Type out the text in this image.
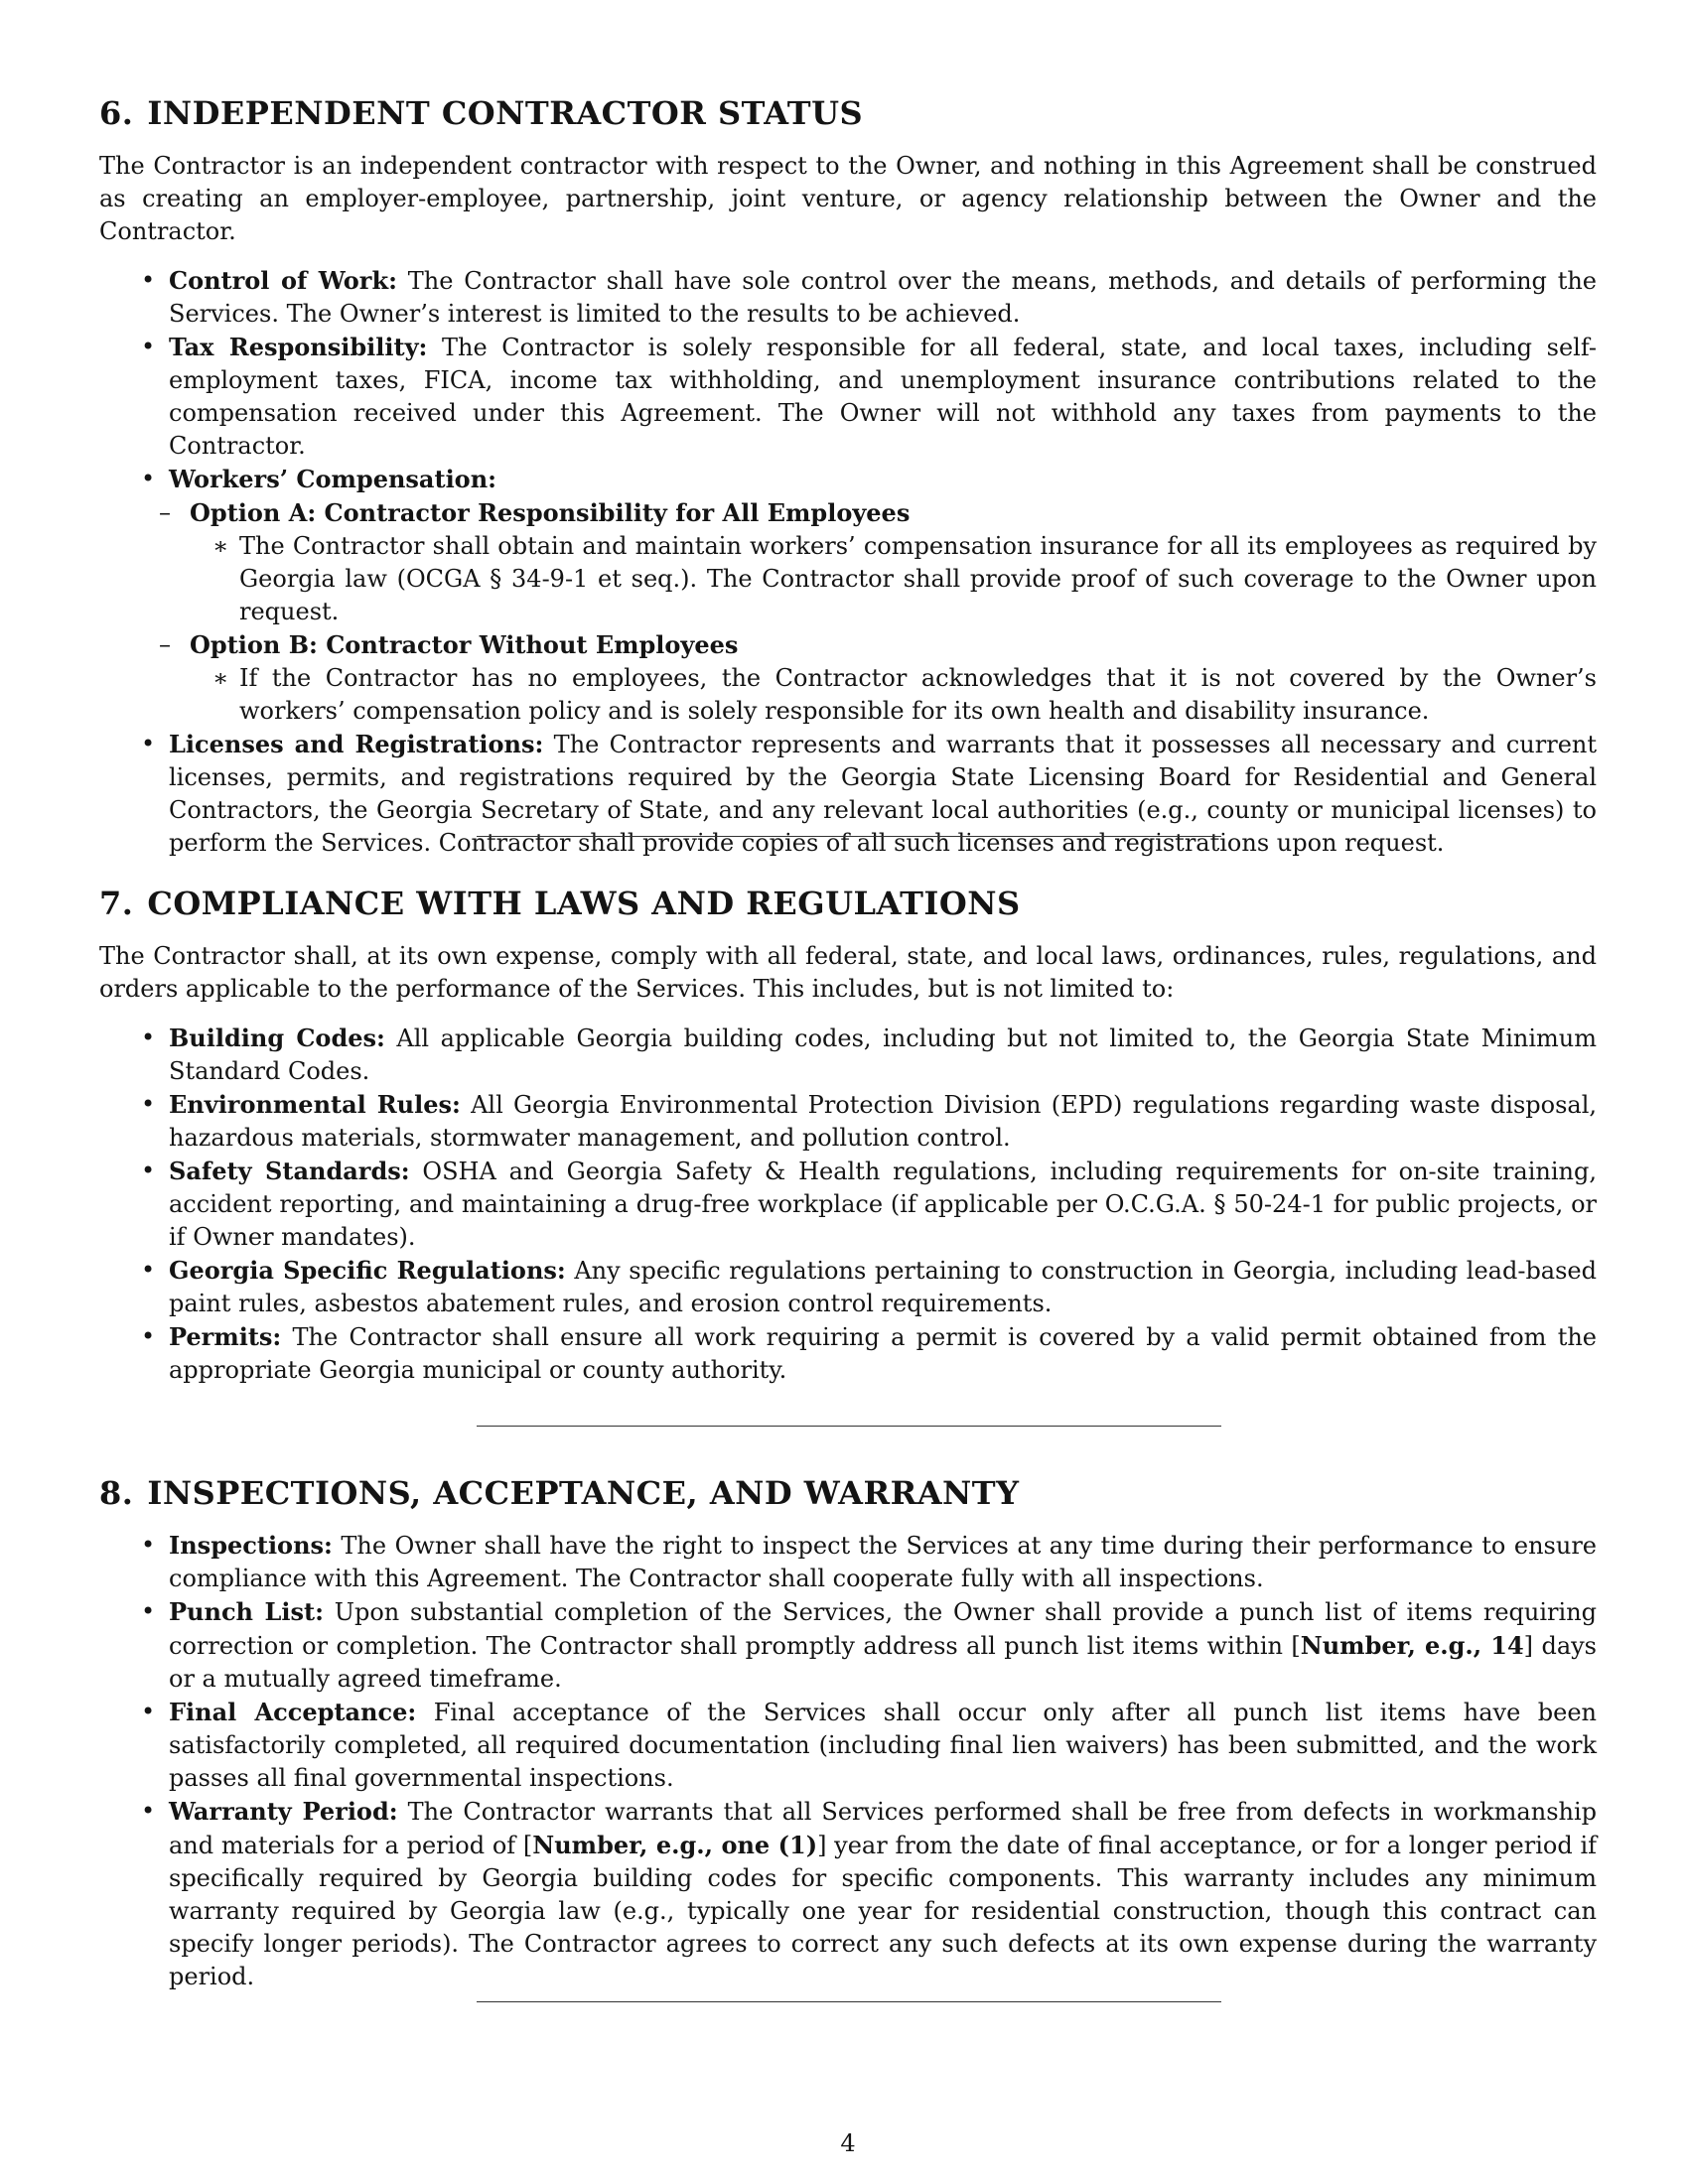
6. INDEPENDENT CONTRACTOR STATUS

The Contractor is an independent contractor with respect to the Owner, and nothing in this Agreement shall be construed as creating an employer-employee, partnership, joint venture, or agency relationship between the Owner and the Contractor.

• Control of Work: The Contractor shall have sole control over the means, methods, and details of performing the Services. The Owner’s interest is limited to the results to be achieved.
• Tax Responsibility: The Contractor is solely responsible for all federal, state, and local taxes, including self-employment taxes, FICA, income tax withholding, and unemployment insurance contributions related to the compensation received under this Agreement. The Owner will not withhold any taxes from payments to the Contractor.
• Workers’ Compensation:
– Option A: Contractor Responsibility for All Employees
∗ The Contractor shall obtain and maintain workers’ compensation insurance for all its employees as required by Georgia law (OCGA § 34-9-1 et seq.). The Contractor shall provide proof of such coverage to the Owner upon request.
– Option B: Contractor Without Employees
∗ If the Contractor has no employees, the Contractor acknowledges that it is not covered by the Owner’s workers’ compensation policy and is solely responsible for its own health and disability insurance.
• Licenses and Registrations: The Contractor represents and warrants that it possesses all necessary and current licenses, permits, and registrations required by the Georgia State Licensing Board for Residential and General Contractors, the Georgia Secretary of State, and any relevant local authorities (e.g., county or municipal licenses) to perform the Services. Contractor shall provide copies of all such licenses and registrations upon request.
7. COMPLIANCE WITH LAWS AND REGULATIONS

The Contractor shall, at its own expense, comply with all federal, state, and local laws, ordinances, rules, regulations, and orders applicable to the performance of the Services. This includes, but is not limited to:

• Building Codes: All applicable Georgia building codes, including but not limited to, the Georgia State Minimum Standard Codes.
• Environmental Rules: All Georgia Environmental Protection Division (EPD) regulations regarding waste disposal, hazardous materials, stormwater management, and pollution control.
• Safety Standards: OSHA and Georgia Safety & Health regulations, including requirements for on-site training, accident reporting, and maintaining a drug-free workplace (if applicable per O.C.G.A. § 50-24-1 for public projects, or if Owner mandates).
• Georgia Specific Regulations: Any specific regulations pertaining to construction in Georgia, including lead-based paint rules, asbestos abatement rules, and erosion control requirements.
• Permits: The Contractor shall ensure all work requiring a permit is covered by a valid permit obtained from the appropriate Georgia municipal or county authority.
8. INSPECTIONS, ACCEPTANCE, AND WARRANTY
• Inspections: The Owner shall have the right to inspect the Services at any time during their performance to ensure compliance with this Agreement. The Contractor shall cooperate fully with all inspections.
• Punch List: Upon substantial completion of the Services, the Owner shall provide a punch list of items requiring correction or completion. The Contractor shall promptly address all punch list items within [Number, e.g., 14] days or a mutually agreed timeframe.
• Final Acceptance: Final acceptance of the Services shall occur only after all punch list items have been satisfactorily completed, all required documentation (including final lien waivers) has been submitted, and the work passes all final governmental inspections.
• Warranty Period: The Contractor warrants that all Services performed shall be free from defects in workmanship and materials for a period of [Number, e.g., one (1)] year from the date of final acceptance, or for a longer period if specifically required by Georgia building codes for specific components. This warranty includes any minimum warranty required by Georgia law (e.g., typically one year for residential construction, though this contract can specify longer periods). The Contractor agrees to correct any such defects at its own expense during the warranty period.
4
